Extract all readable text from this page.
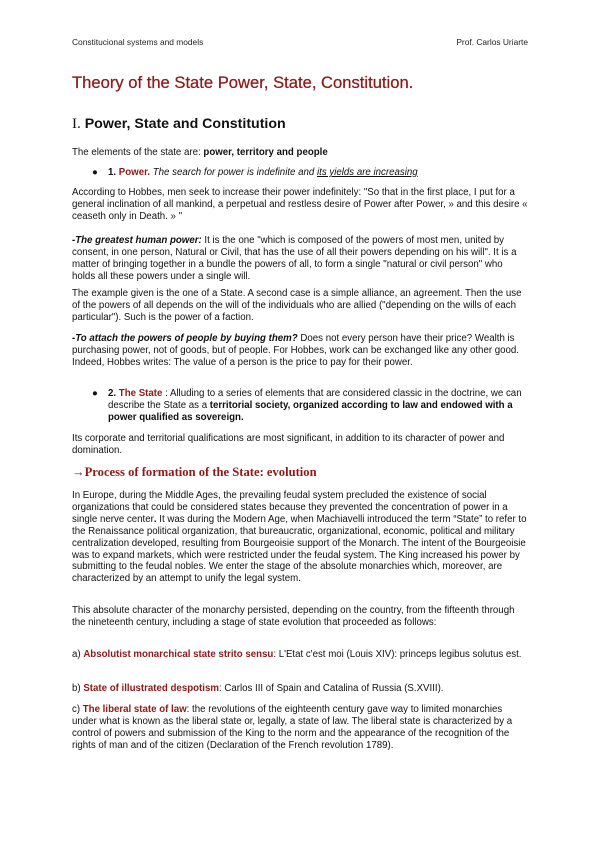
Constitucional systems and models	Prof. Carlos Uriarte
Theory of the State Power, State, Constitution.
I. Power, State and Constitution

The elements of the state are: power, territory and people

●	1. Power. The search for power is indefinite and its yields are increasing

According to Hobbes, men seek to increase their power indefinitely: "So that in the first place, I put for a general inclination of all mankind, a perpetual and restless desire of Power after Power, » and this desire « ceaseth only in Death. » "

-The greatest human power: It is the one "which is composed of the powers of most men, united by consent, in one person, Natural or Civil, that has the use of all their powers depending on his will". It is a matter of bringing together in a bundle the powers of all, to form a single "natural or civil person" who holds all these powers under a single will.

The example given is the one of a State. A second case is a simple alliance, an agreement. Then the use of the powers of all depends on the will of the individuals who are allied ("depending on the wills of each particular"). Such is the power of a faction.

-To attach the powers of people by buying them? Does not every person have their price? Wealth is purchasing power, not of goods, but of people. For Hobbes, work can be exchanged like any other good. Indeed, Hobbes writes: The value of a person is the price to pay for their power.

●	2. The State : Alluding to a series of elements that are considered classic in the doctrine, we can describe the State as a territorial society, organized according to law and endowed with a power qualified as sovereign.

Its corporate and territorial qualifications are most significant, in addition to its character of power and domination.

→Process of formation of the State: evolution

In Europe, during the Middle Ages, the prevailing feudal system precluded the existence of social organizations that could be considered states because they prevented the concentration of power in a single nerve center. It was during the Modern Age, when Machiavelli introduced the term “State” to refer to the Renaissance political organization, that bureaucratic, organizational, economic, political and military centralization developed, resulting from Bourgeoisie support of the Monarch. The intent of the Bourgeoisie was to expand markets, which were restricted under the feudal system. The King increased his power by submitting to the feudal nobles. We enter the stage of the absolute monarchies which, moreover, are characterized by an attempt to unify the legal system.

This absolute character of the monarchy persisted, depending on the country, from the fifteenth through the nineteenth century, including a stage of state evolution that proceeded as follows:

a) Absolutist monarchical state strito sensu: L'Etat c'est moi (Louis XIV): princeps legibus solutus est.

b) State of illustrated despotism: Carlos III of Spain and Catalina of Russia (S.XVIII).

c) The liberal state of law: the revolutions of the eighteenth century gave way to limited monarchies under what is known as the liberal state or, legally, a state of law. The liberal state is characterized by a control of powers and submission of the King to the norm and the appearance of the recognition of the rights of man and of the citizen (Declaration of the French revolution 1789).
